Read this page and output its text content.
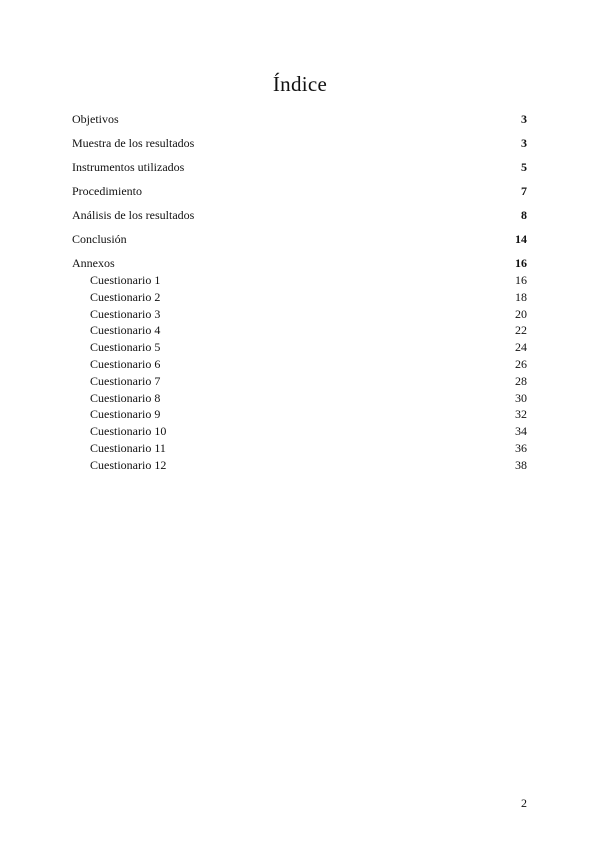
Índice
Objetivos	3
Muestra de los resultados	3
Instrumentos utilizados	5
Procedimiento	7
Análisis de los resultados	8
Conclusión	14
Annexos	16
Cuestionario 1	16
Cuestionario 2	18
Cuestionario 3	20
Cuestionario 4	22
Cuestionario 5	24
Cuestionario 6	26
Cuestionario 7	28
Cuestionario 8	30
Cuestionario 9	32
Cuestionario 10	34
Cuestionario 11	36
Cuestionario 12	38
2
